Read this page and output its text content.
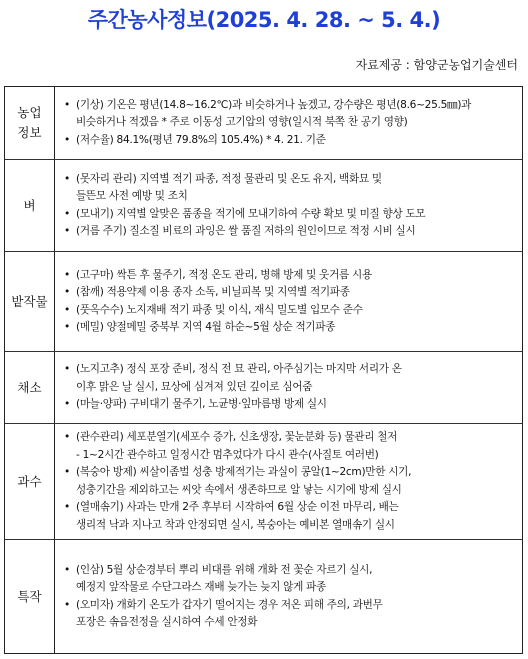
주간농사정보(2025. 4. 28. ~ 5. 4.)
자료제공 : 함양군농업기술센터
농업
정보
• (기상) 기온은 평년(14.8~16.2℃)과 비슷하거나 높겠고, 강수량은 평년(8.6~25.5㎜)과
비슷하거나 적겠음 * 주로 이동성 고기압의 영향(일시적 북쪽 찬 공기 영향)
• (저수율) 84.1%(평년 79.8%의 105.4%) * 4. 21. 기준
벼
• (못자리 관리) 지역별 적기 파종, 적정 물관리 및 온도 유지, 백화묘 및
들뜬모 사전 예방 및 조치
• (모내기) 지역별 알맞은 품종을 적기에 모내기하여 수량 확보 및 미질 향상 도모
• (거름 주기) 질소질 비료의 과잉은 쌀 품질 저하의 원인이므로 적정 시비 실시
밭작물
• (고구마) 싹튼 후 물주기, 적정 온도 관리, 병해 방제 및 웃거름 시용
• (참깨) 적용약제 이용 종자 소독, 비닐피복 및 지역별 적기파종
• (풋옥수수) 노지재배 적기 파종 및 이식, 재식 밀도별 입모수 준수
• (메밀) 양절메밀 중북부 지역 4월 하순~5월 상순 적기파종
채소
• (노지고추) 정식 포장 준비, 정식 전 묘 관리, 아주심기는 마지막 서리가 온
이후 맑은 날 실시, 묘상에 심겨져 있던 깊이로 심어줌
• (마늘·양파) 구비대기 물주기, 노균병·잎마름병 방제 실시
과수
• (관수관리) 세포분열기(세포수 증가, 신초생장, 꽃눈분화 등) 물관리 철저
- 1~2시간 관수하고 일정시간 멈추었다가 다시 관수(사질토 여러번)
• (복숭아 방제) 씨살이좀벌 성충 방제적기는 과실이 콩알(1~2cm)만한 시기,
성충기간을 제외하고는 씨앗 속에서 생존하므로 알 낳는 시기에 방제 실시
• (열매솎기) 사과는 만개 2주 후부터 시작하여 6월 상순 이전 마무리, 배는
생리적 낙과 지나고 착과 안정되면 실시, 복숭아는 예비본 열매솎기 실시
특작
• (인삼) 5월 상순경부터 뿌리 비대를 위해 개화 전 꽃순 자르기 실시,
예정지 앞작물로 수단그라스 재배 늦가는 늦지 않게 파종
• (오미자) 개화기 온도가 갑자기 떨어지는 경우 저온 피해 주의, 과번무
포장은 솎음전정을 실시하여 수세 안정화
